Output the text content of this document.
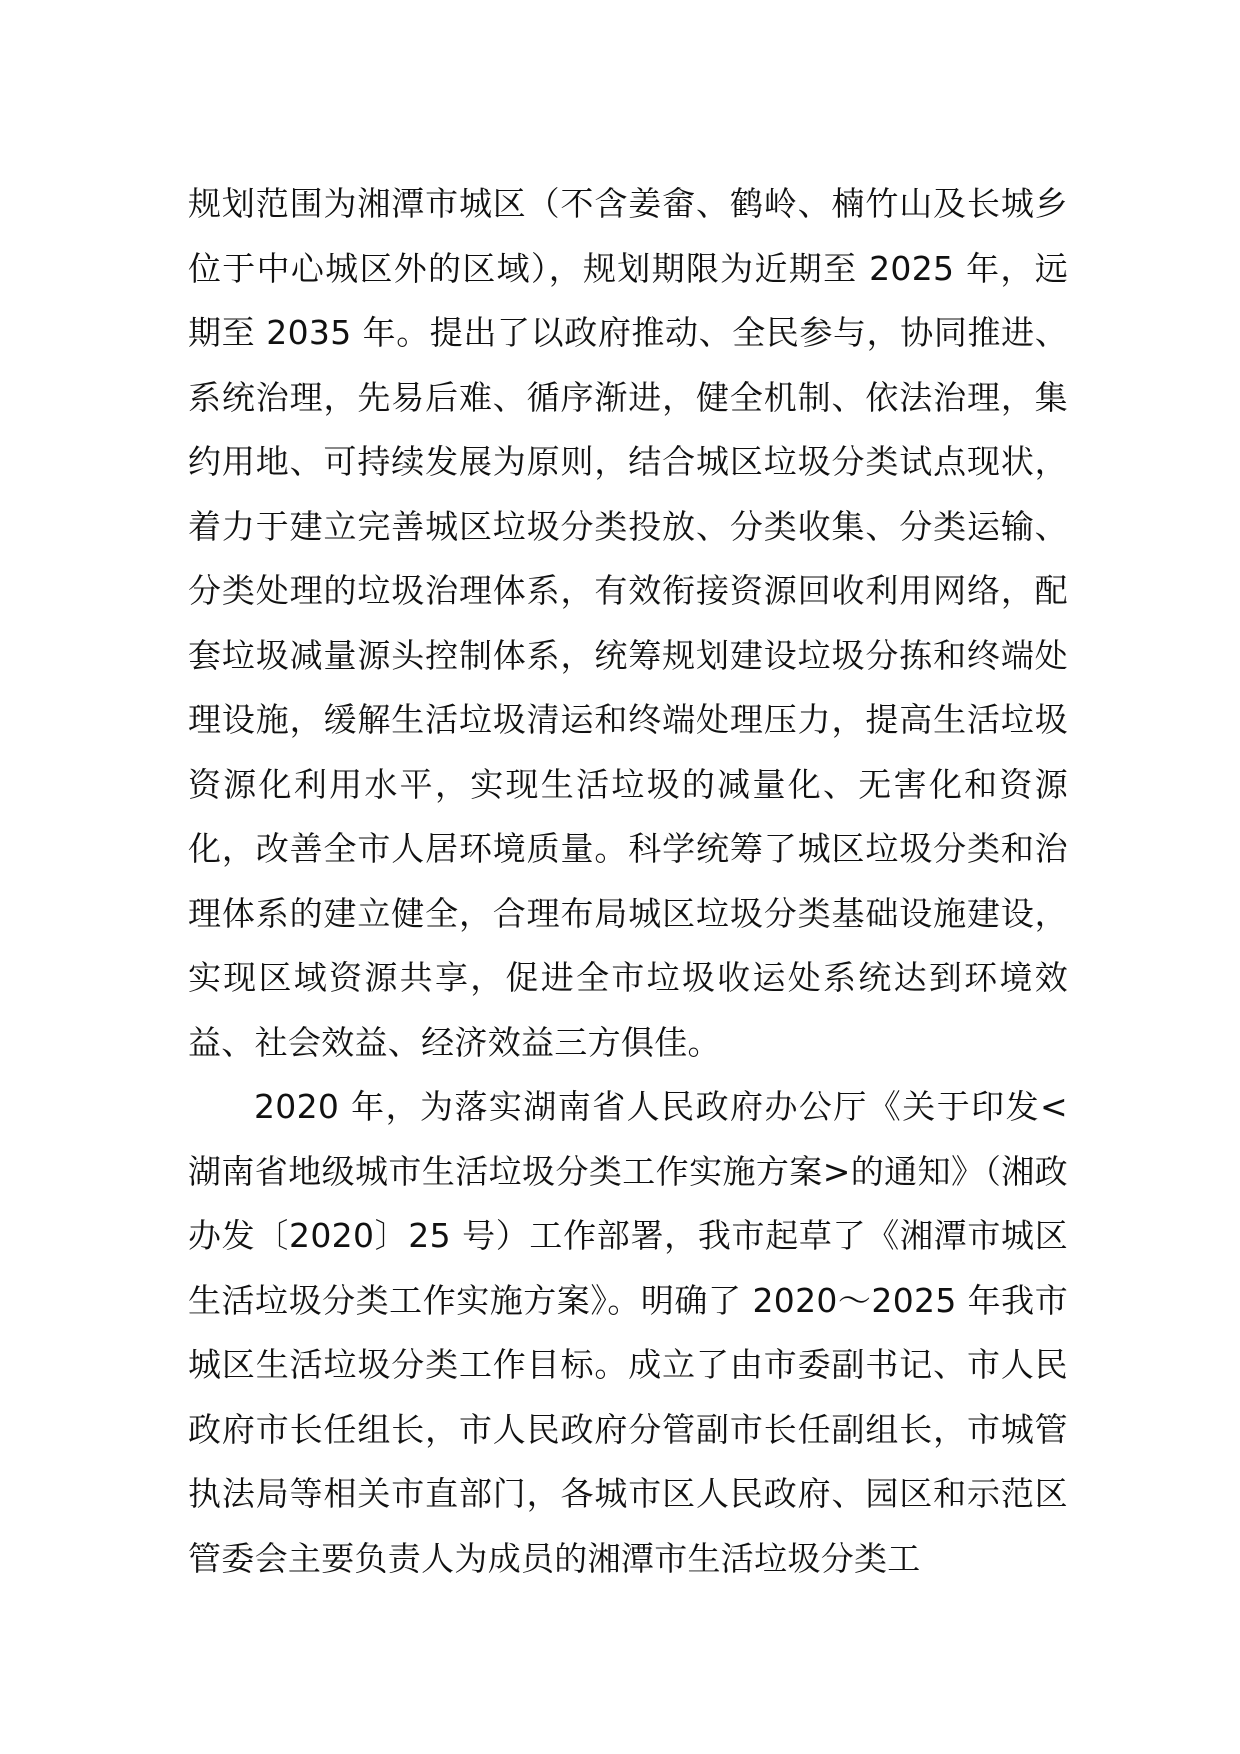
规划范围为湘潭市城区（不含姜畲、鹤岭、楠竹山及长城乡位于中心城区外的区域），规划期限为近期至 2025 年，远期至 2035 年。提出了以政府推动、全民参与，协同推进、系统治理，先易后难、循序渐进，健全机制、依法治理，集约用地、可持续发展为原则，结合城区垃圾分类试点现状，着力于建立完善城区垃圾分类投放、分类收集、分类运输、分类处理的垃圾治理体系，有效衔接资源回收利用网络，配套垃圾减量源头控制体系，统筹规划建设垃圾分拣和终端处理设施，缓解生活垃圾清运和终端处理压力，提高生活垃圾资源化利用水平，实现生活垃圾的减量化、无害化和资源化，改善全市人居环境质量。科学统筹了城区垃圾分类和治理体系的建立健全，合理布局城区垃圾分类基础设施建设，实现区域资源共享，促进全市垃圾收运处系统达到环境效益、社会效益、经济效益三方俱佳。

2020 年，为落实湖南省人民政府办公厅《关于印发<湖南省地级城市生活垃圾分类工作实施方案>的通知》（湘政办发〔2020〕25 号）工作部署，我市起草了《湘潭市城区生活垃圾分类工作实施方案》。明确了 2020～2025 年我市城区生活垃圾分类工作目标。成立了由市委副书记、市人民政府市长任组长，市人民政府分管副市长任副组长，市城管执法局等相关市直部门，各城市区人民政府、园区和示范区管委会主要负责人为成员的湘潭市生活垃圾分类工
